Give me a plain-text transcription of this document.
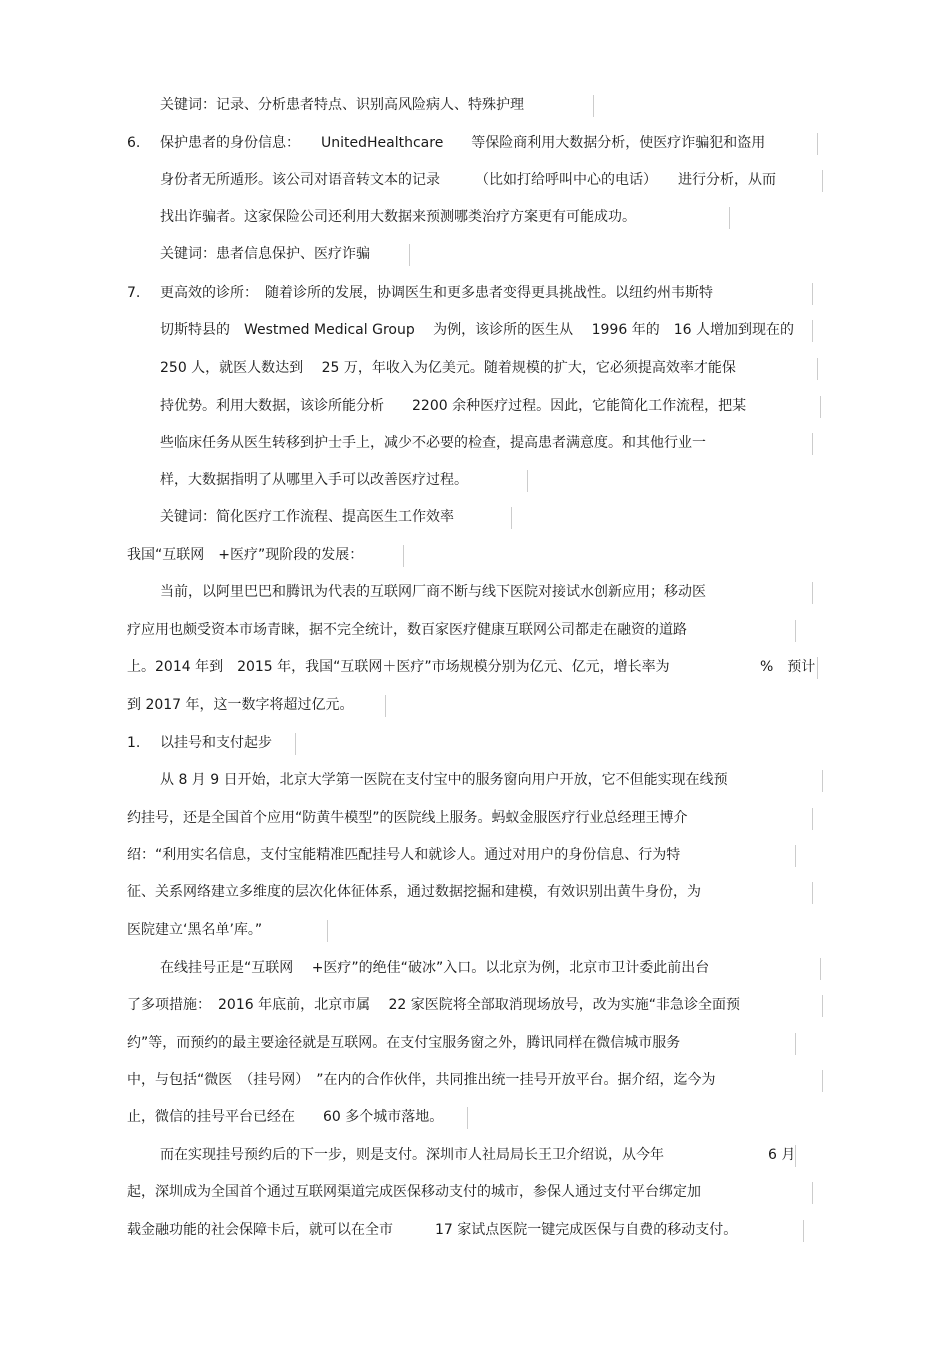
关键词：记录、分析患者特点、识别高风险病人、特殊护理
6. 保护患者的身份信息：　　UnitedHealthcare　　等保险商利用大数据分析，使医疗诈骗犯和盗用
身份者无所遁形。该公司对语音转文本的记录　　　（比如打给呼叫中心的电话）　　进行分析，从而
找出诈骗者。这家保险公司还利用大数据来预测哪类治疗方案更有可能成功。
关键词：患者信息保护、医疗诈骗
7. 更高效的诊所：　随着诊所的发展，协调医生和更多患者变得更具挑战性。以纽约州韦斯特
切斯特县的　Westmed Medical Group　 为例，该诊所的医生从　 1996 年的　16 人增加到现在的
250 人，就医人数达到　 25 万，年收入为亿美元。随着规模的扩大，它必须提高效率才能保
持优势。利用大数据，该诊所能分析　　2200 余种医疗过程。因此，它能简化工作流程，把某
些临床任务从医生转移到护士手上，减少不必要的检查，提高患者满意度。和其他行业一
样，大数据指明了从哪里入手可以改善医疗过程。
关键词：简化医疗工作流程、提高医生工作效率
我国“互联网　+医疗”现阶段的发展：
当前，以阿里巴巴和腾讯为代表的互联网厂商不断与线下医院对接试水创新应用；移动医
疗应用也颇受资本市场青睐，据不完全统计，数百家医疗健康互联网公司都走在融资的道路
上。2014 年到　2015 年，我国“互联网＋医疗”市场规模分别为亿元、亿元，增长率为	%　预计
到 2017 年，这一数字将超过亿元。
1. 以挂号和支付起步
从 8 月 9 日开始，北京大学第一医院在支付宝中的服务窗向用户开放，它不但能实现在线预
约挂号，还是全国首个应用“防黄牛模型”的医院线上服务。蚂蚁金服医疗行业总经理王博介
绍：“利用实名信息，支付宝能精准匹配挂号人和就诊人。通过对用户的身份信息、行为特
征、关系网络建立多维度的层次化体征体系，通过数据挖掘和建模，有效识别出黄牛身份，为
医院建立‘黑名单’库。”
在线挂号正是“互联网　 +医疗”的绝佳“破冰”入口。以北京为例，北京市卫计委此前出台
了多项措施：　2016 年底前，北京市属　 22 家医院将全部取消现场放号，改为实施“非急诊全面预
约”等，而预约的最主要途径就是互联网。在支付宝服务窗之外，腾讯同样在微信城市服务
中，与包括“微医　（挂号网）　”在内的合作伙伴，共同推出统一挂号开放平台。据介绍，迄今为
止，微信的挂号平台已经在　　60 多个城市落地。
而在实现挂号预约后的下一步，则是支付。深圳市人社局局长王卫介绍说，从今年	6 月
起，深圳成为全国首个通过互联网渠道完成医保移动支付的城市，参保人通过支付平台绑定加
载金融功能的社会保障卡后，就可以在全市　　　17 家试点医院一键完成医保与自费的移动支付。
